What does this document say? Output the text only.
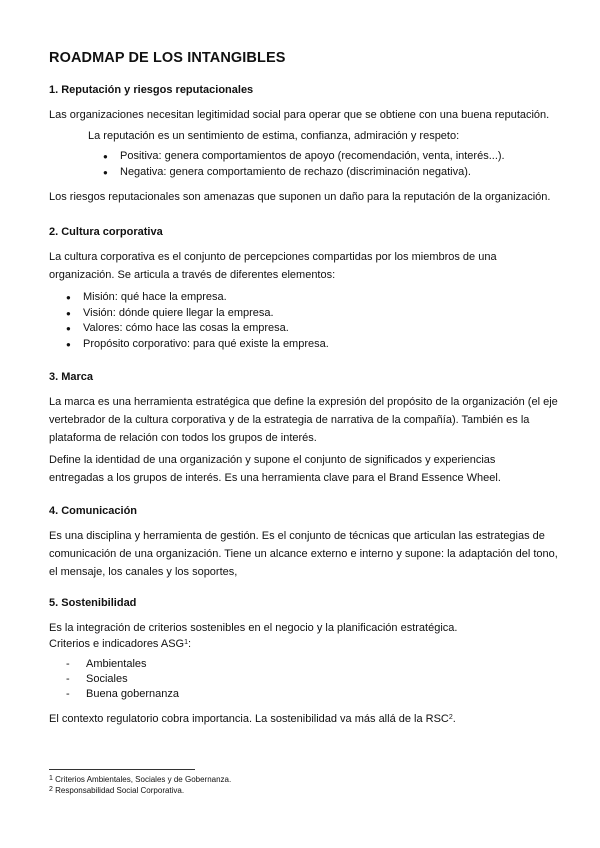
ROADMAP DE LOS INTANGIBLES
1. Reputación y riesgos reputacionales
Las organizaciones necesitan legitimidad social para operar que se obtiene con una buena reputación.
La reputación es un sentimiento de estima, confianza, admiración y respeto:
● Positiva: genera comportamientos de apoyo (recomendación, venta, interés...).
● Negativa: genera comportamiento de rechazo (discriminación negativa).
Los riesgos reputacionales son amenazas que suponen un daño para la reputación de la organización.
2. Cultura corporativa
La cultura corporativa es el conjunto de percepciones compartidas por los miembros de una organización. Se articula a través de diferentes elementos:
● Misión: qué hace la empresa.
● Visión: dónde quiere llegar la empresa.
● Valores: cómo hace las cosas la empresa.
● Propósito corporativo: para qué existe la empresa.
3. Marca
La marca es una herramienta estratégica que define la expresión del propósito de la organización (el eje vertebrador de la cultura corporativa y de la estrategia de narrativa de la compañía). También es la plataforma de relación con todos los grupos de interés.
Define la identidad de una organización y supone el conjunto de significados y experiencias entregadas a los grupos de interés. Es una herramienta clave para el Brand Essence Wheel.
4. Comunicación
Es una disciplina y herramienta de gestión. Es el conjunto de técnicas que articulan las estrategias de comunicación de una organización. Tiene un alcance externo e interno y supone: la adaptación del tono, el mensaje, los canales y los soportes,
5. Sostenibilidad
Es la integración de criterios sostenibles en el negocio y la planificación estratégica.
Criterios e indicadores ASG$^1$:
- Ambientales
- Sociales
- Buena gobernanza
El contexto regulatorio cobra importancia. La sostenibilidad va más allá de la RSC$^2$.
$^1$ Criterios Ambientales, Sociales y de Gobernanza.
$^2$ Responsabilidad Social Corporativa.
